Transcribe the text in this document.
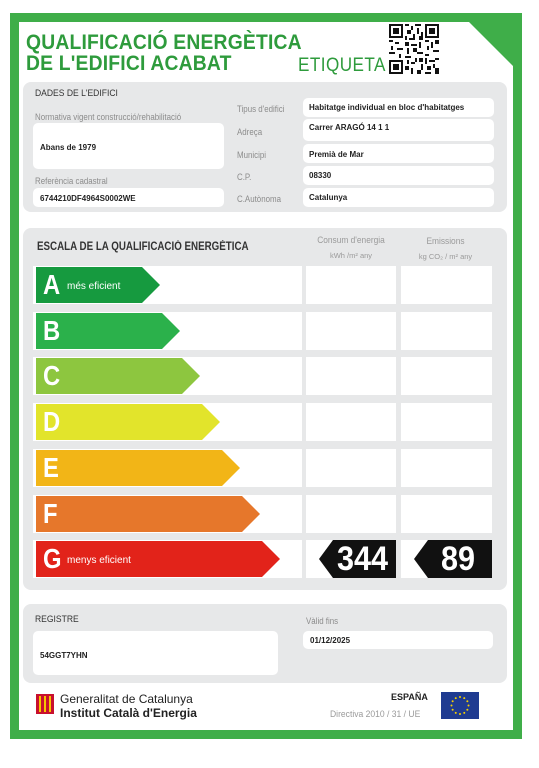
QUALIFICACIÓ ENERGÈTICA
DE L'EDIFICI ACABAT	ETIQUETA
DADES DE L'EDIFICI
Normativa vigent construcció/rehabilitació
Abans de 1979
Referència cadastral
6744210DF4964S0002WE
Tipus d'edifici	Habitatge individual en bloc d'habitatges
Adreça	Carrer ARAGÓ 14 1 1
Municipi	Premià de Mar
C.P.	08330
C.Autònoma	Catalunya
ESCALA DE LA QUALIFICACIÓ ENERGÈTICA
Consum d'energia
kWh /m² any
Emissions
kg CO₂ / m² any
A més eficient
B
C
D
E
F
G menys eficient	344	89
REGISTRE
54GGT7YHN
Vàlid fins
01/12/2025
Generalitat de Catalunya
Institut Català d'Energia
ESPAÑA
Directiva 2010 / 31 / UE
